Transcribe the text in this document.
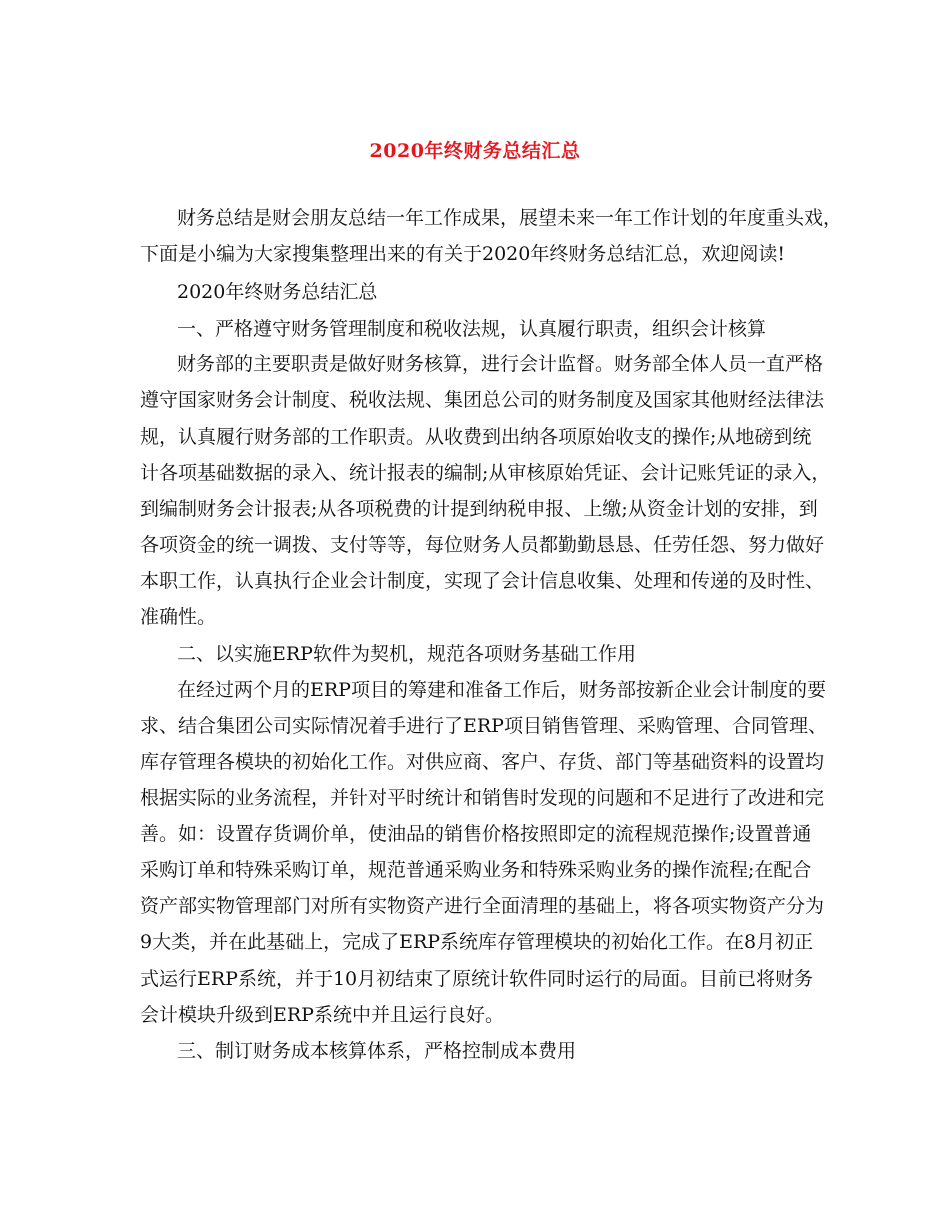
2020年终财务总结汇总
财务总结是财会朋友总结一年工作成果，展望未来一年工作计划的年度重头戏，
下面是小编为大家搜集整理出来的有关于2020年终财务总结汇总，欢迎阅读!
2020年终财务总结汇总
一、严格遵守财务管理制度和税收法规，认真履行职责，组织会计核算
财务部的主要职责是做好财务核算，进行会计监督。财务部全体人员一直严格
遵守国家财务会计制度、税收法规、集团总公司的财务制度及国家其他财经法律法
规，认真履行财务部的工作职责。从收费到出纳各项原始收支的操作;从地磅到统
计各项基础数据的录入、统计报表的编制;从审核原始凭证、会计记账凭证的录入，
到编制财务会计报表;从各项税费的计提到纳税申报、上缴;从资金计划的安排，到
各项资金的统一调拨、支付等等，每位财务人员都勤勤恳恳、任劳任怨、努力做好
本职工作，认真执行企业会计制度，实现了会计信息收集、处理和传递的及时性、
准确性。
二、以实施ERP软件为契机，规范各项财务基础工作用
在经过两个月的ERP项目的筹建和准备工作后，财务部按新企业会计制度的要
求、结合集团公司实际情况着手进行了ERP项目销售管理、采购管理、合同管理、
库存管理各模块的初始化工作。对供应商、客户、存货、部门等基础资料的设置均
根据实际的业务流程，并针对平时统计和销售时发现的问题和不足进行了改进和完
善。如：设置存货调价单，使油品的销售价格按照即定的流程规范操作;设置普通
采购订单和特殊采购订单，规范普通采购业务和特殊采购业务的操作流程;在配合
资产部实物管理部门对所有实物资产进行全面清理的基础上，将各项实物资产分为
9大类，并在此基础上，完成了ERP系统库存管理模块的初始化工作。在8月初正
式运行ERP系统，并于10月初结束了原统计软件同时运行的局面。目前已将财务
会计模块升级到ERP系统中并且运行良好。
三、制订财务成本核算体系，严格控制成本费用
